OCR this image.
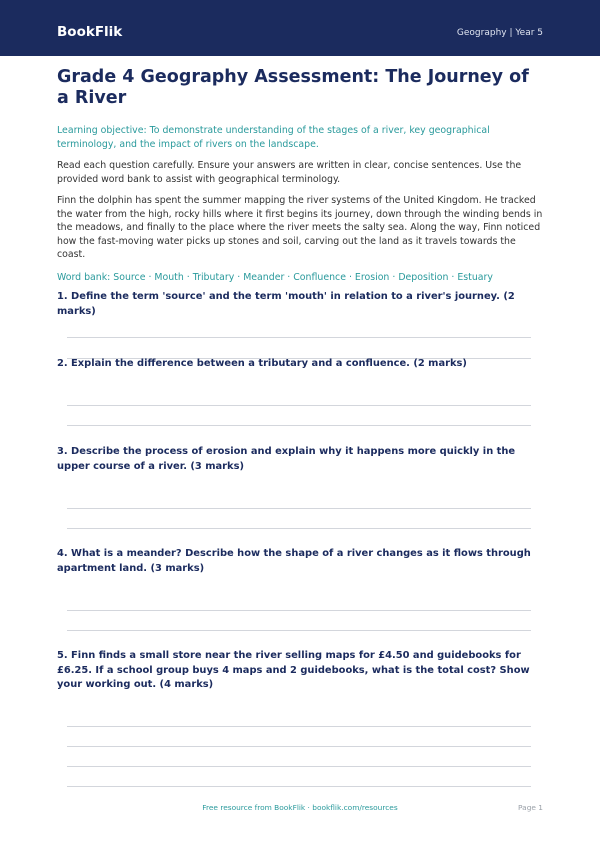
BookFlik	Geography | Year 5
Grade 4 Geography Assessment: The Journey of a River
Learning objective: To demonstrate understanding of the stages of a river, key geographical terminology, and the impact of rivers on the landscape.
Read each question carefully. Ensure your answers are written in clear, concise sentences. Use the provided word bank to assist with geographical terminology.
Finn the dolphin has spent the summer mapping the river systems of the United Kingdom. He tracked the water from the high, rocky hills where it first begins its journey, down through the winding bends in the meadows, and finally to the place where the river meets the salty sea. Along the way, Finn noticed how the fast-moving water picks up stones and soil, carving out the land as it travels towards the coast.
Word bank: Source · Mouth · Tributary · Meander · Confluence · Erosion · Deposition · Estuary
1. Define the term 'source' and the term 'mouth' in relation to a river's journey. (2 marks)
2. Explain the difference between a tributary and a confluence. (2 marks)
3. Describe the process of erosion and explain why it happens more quickly in the upper course of a river. (3 marks)
4. What is a meander? Describe how the shape of a river changes as it flows through apartment land. (3 marks)
5. Finn finds a small store near the river selling maps for £4.50 and guidebooks for £6.25. If a school group buys 4 maps and 2 guidebooks, what is the total cost? Show your working out. (4 marks)
Free resource from BookFlik · bookflik.com/resources	Page 1
